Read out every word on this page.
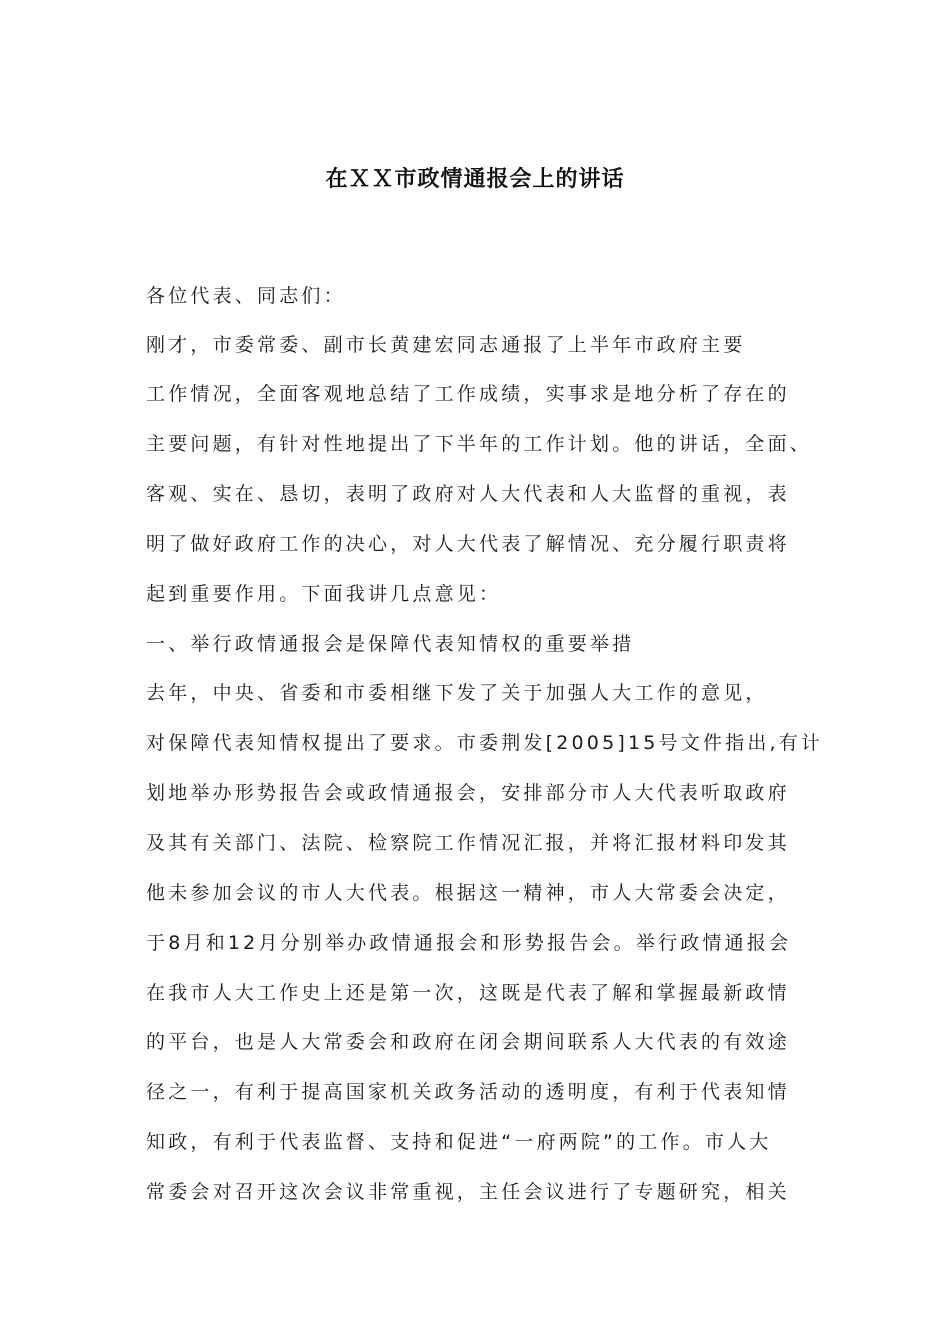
在ＸＸ市政情通报会上的讲话
各位代表、同志们：
刚才，市委常委、副市长黄建宏同志通报了上半年市政府主要
工作情况，全面客观地总结了工作成绩，实事求是地分析了存在的
主要问题，有针对性地提出了下半年的工作计划。他的讲话，全面、
客观、实在、恳切，表明了政府对人大代表和人大监督的重视，表
明了做好政府工作的决心，对人大代表了解情况、充分履行职责将
起到重要作用。下面我讲几点意见：
一、举行政情通报会是保障代表知情权的重要举措
去年，中央、省委和市委相继下发了关于加强人大工作的意见，
对保障代表知情权提出了要求。市委荆发[2005]15号文件指出,有计
划地举办形势报告会或政情通报会，安排部分市人大代表听取政府
及其有关部门、法院、检察院工作情况汇报，并将汇报材料印发其
他未参加会议的市人大代表。根据这一精神，市人大常委会决定，
于8月和12月分别举办政情通报会和形势报告会。举行政情通报会
在我市人大工作史上还是第一次，这既是代表了解和掌握最新政情
的平台，也是人大常委会和政府在闭会期间联系人大代表的有效途
径之一，有利于提高国家机关政务活动的透明度，有利于代表知情
知政，有利于代表监督、支持和促进“一府两院”的工作。市人大
常委会对召开这次会议非常重视，主任会议进行了专题研究，相关
